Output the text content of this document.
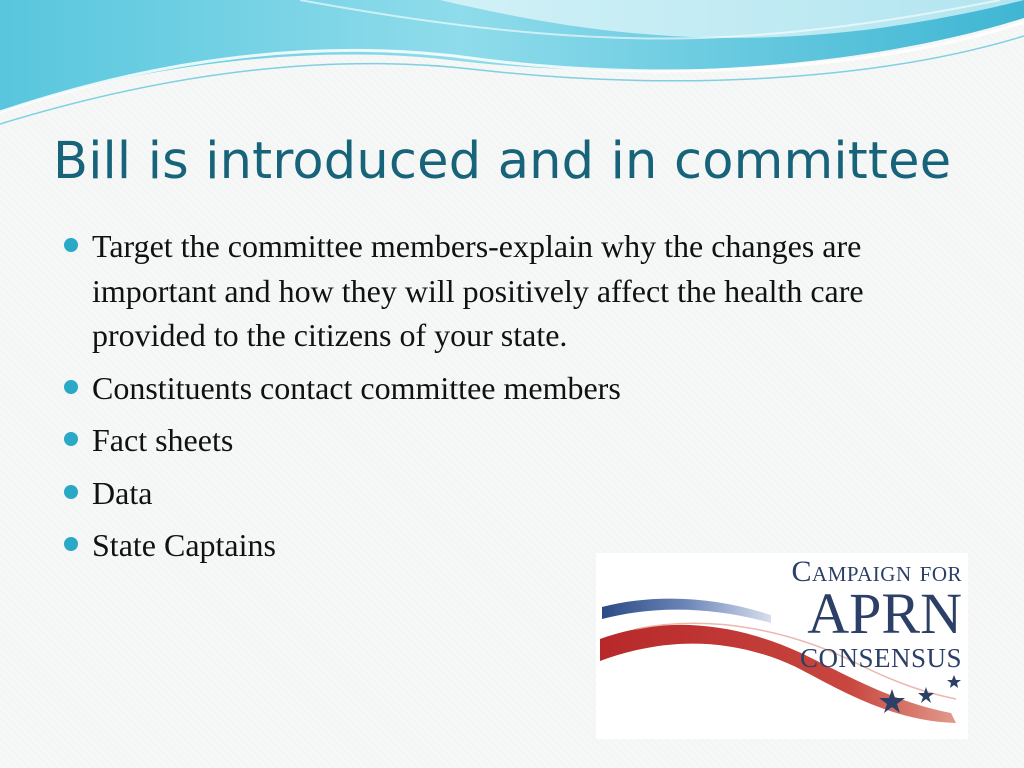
Bill is introduced and in committee
Target the committee members-explain why the changes are important and how they will positively affect the health care provided to the citizens of your state.
Constituents contact committee members
Fact sheets
Data
State Captains
Campaign for
APRN
CONSENSUS
